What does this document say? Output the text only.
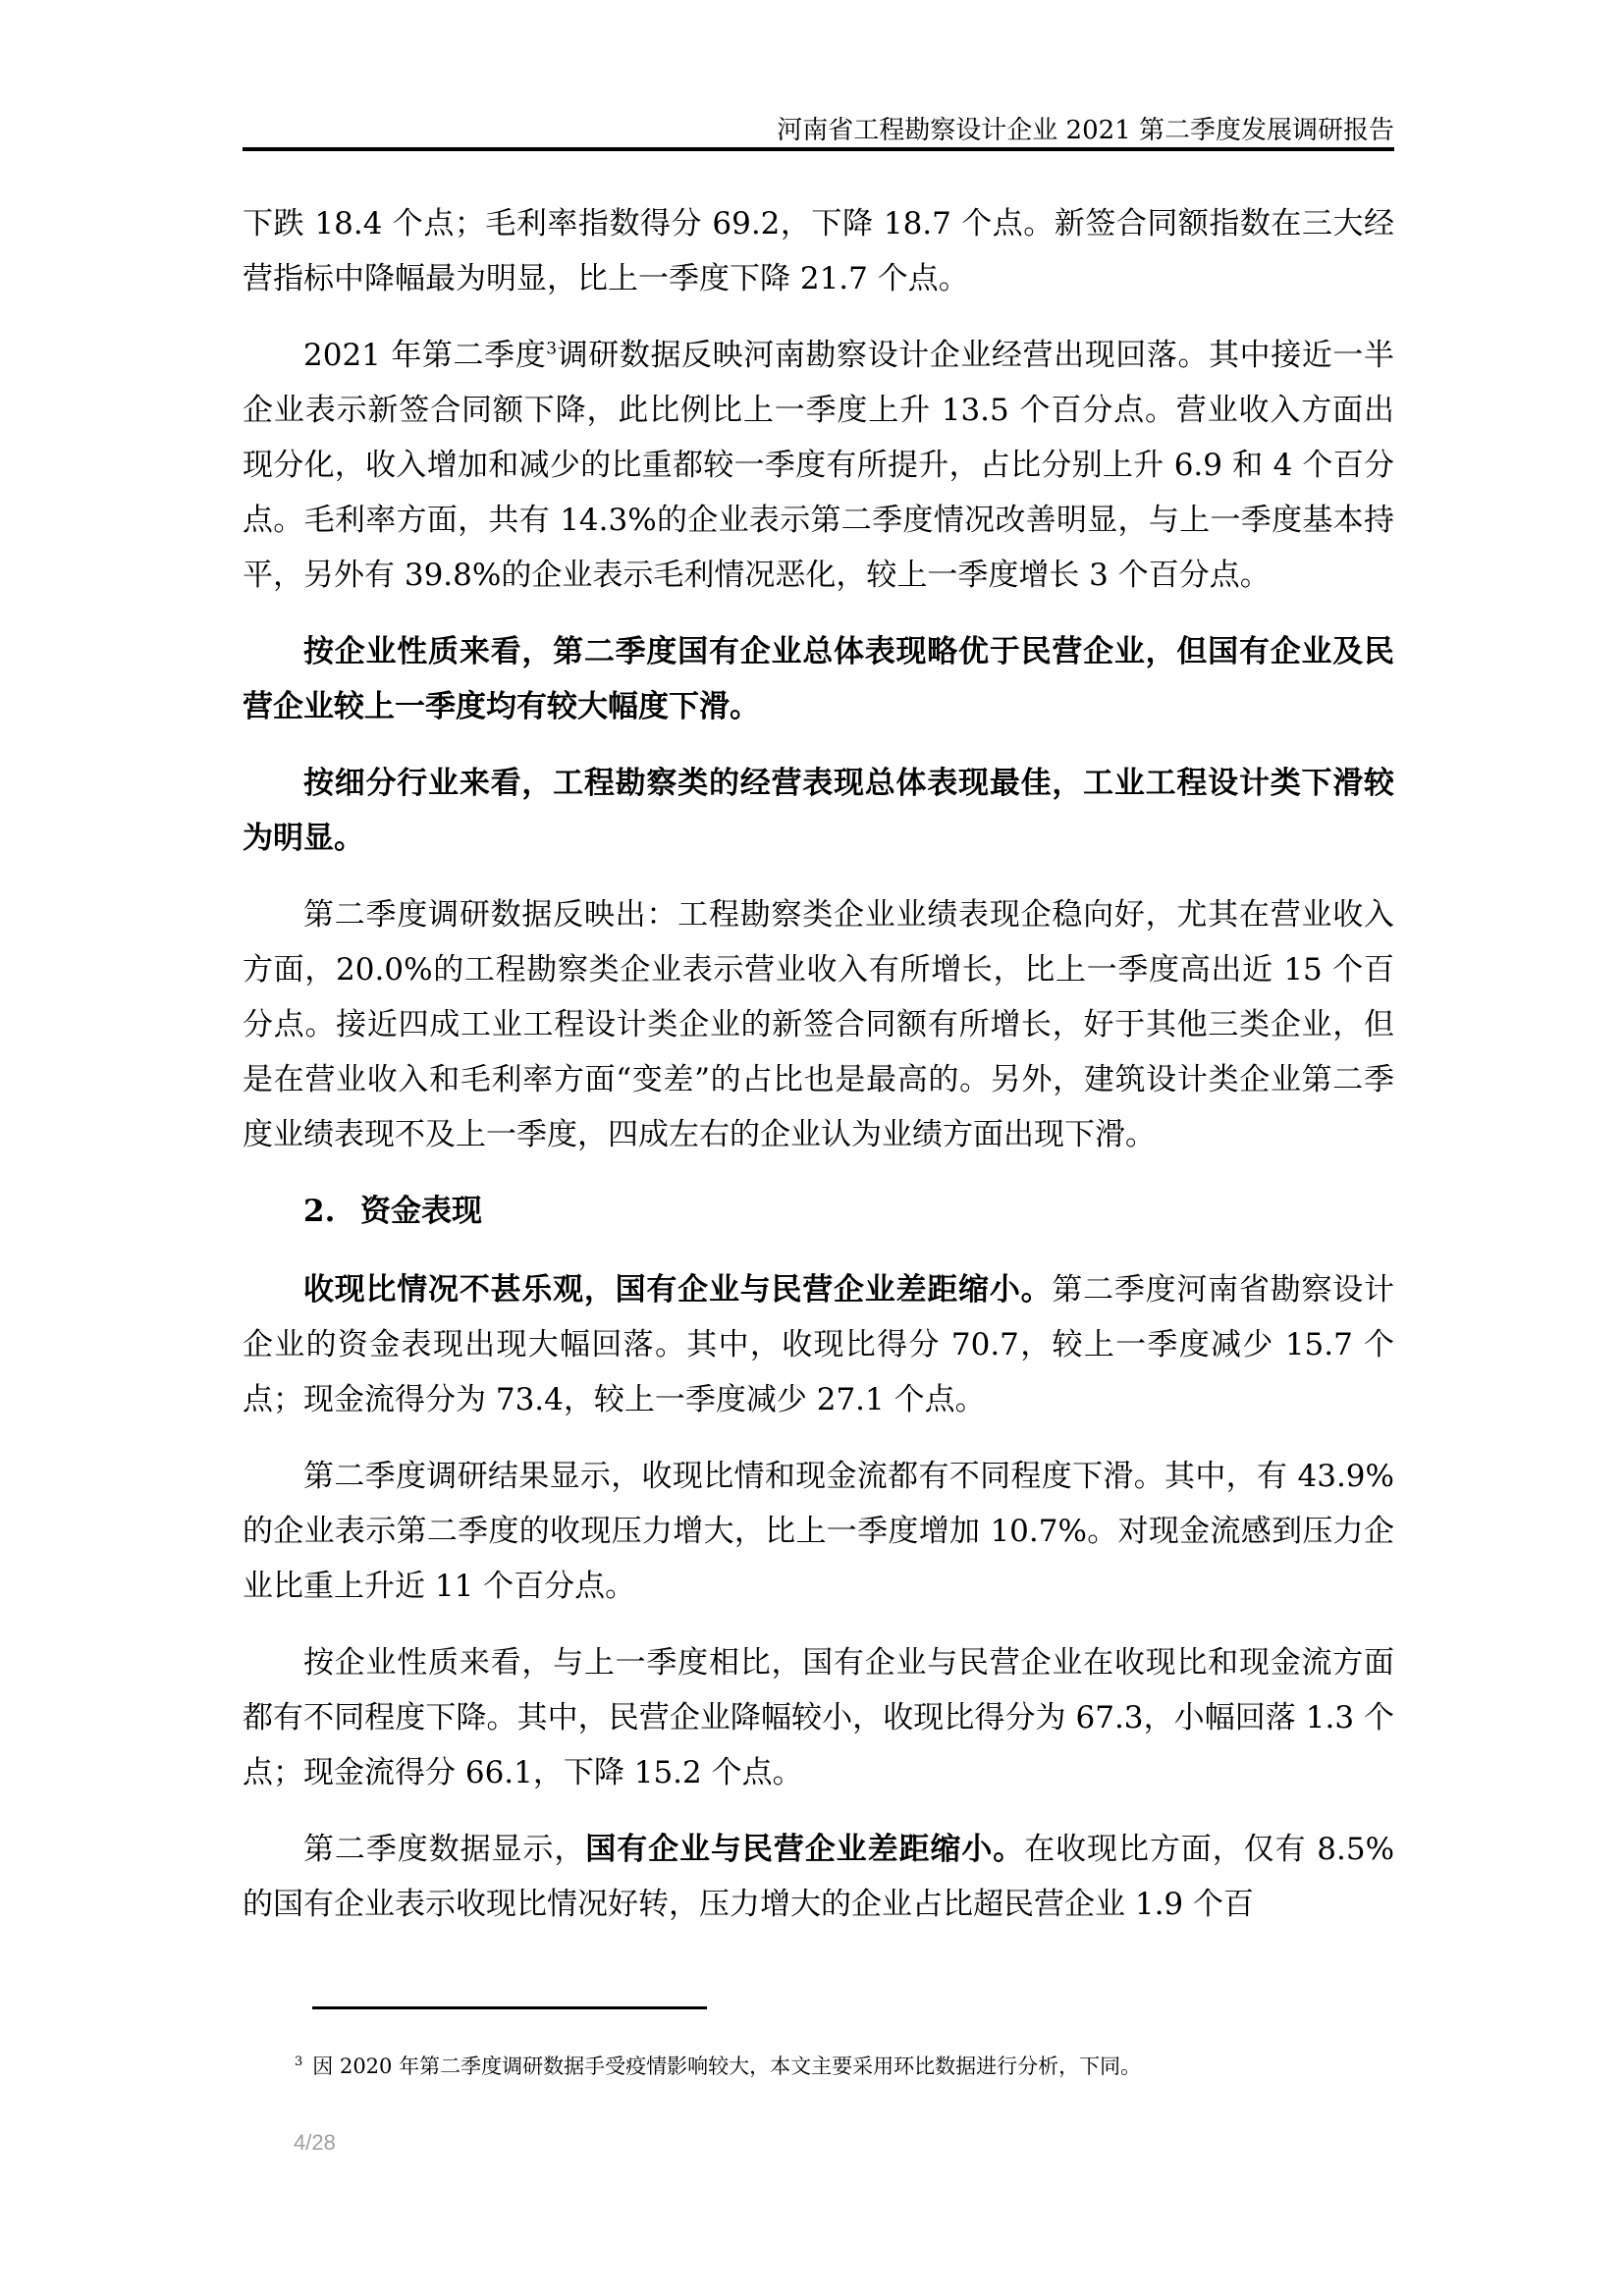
河南省工程勘察设计企业 2021 第二季度发展调研报告

下跌 18.4 个点；毛利率指数得分 69.2，下降 18.7 个点。新签合同额指数在三大经营指标中降幅最为明显，比上一季度下降 21.7 个点。

2021 年第二季度$^3$调研数据反映河南勘察设计企业经营出现回落。其中接近一半企业表示新签合同额下降，此比例比上一季度上升 13.5 个百分点。营业收入方面出现分化，收入增加和减少的比重都较一季度有所提升，占比分别上升 6.9 和 4 个百分点。毛利率方面，共有 14.3%的企业表示第二季度情况改善明显，与上一季度基本持平，另外有 39.8%的企业表示毛利情况恶化，较上一季度增长 3 个百分点。

按企业性质来看，第二季度国有企业总体表现略优于民营企业，但国有企业及民营企业较上一季度均有较大幅度下滑。

按细分行业来看，工程勘察类的经营表现总体表现最佳，工业工程设计类下滑较为明显。

第二季度调研数据反映出：工程勘察类企业业绩表现企稳向好，尤其在营业收入方面，20.0%的工程勘察类企业表示营业收入有所增长，比上一季度高出近 15 个百分点。接近四成工业工程设计类企业的新签合同额有所增长，好于其他三类企业，但是在营业收入和毛利率方面“变差”的占比也是最高的。另外，建筑设计类企业第二季度业绩表现不及上一季度，四成左右的企业认为业绩方面出现下滑。

2. 资金表现

收现比情况不甚乐观，国有企业与民营企业差距缩小。第二季度河南省勘察设计企业的资金表现出现大幅回落。其中，收现比得分 70.7，较上一季度减少 15.7 个点；现金流得分为 73.4，较上一季度减少 27.1 个点。

第二季度调研结果显示，收现比情和现金流都有不同程度下滑。其中，有 43.9%的企业表示第二季度的收现压力增大，比上一季度增加 10.7%。对现金流感到压力企业比重上升近 11 个百分点。

按企业性质来看，与上一季度相比，国有企业与民营企业在收现比和现金流方面都有不同程度下降。其中，民营企业降幅较小，收现比得分为 67.3，小幅回落 1.3 个点；现金流得分 66.1，下降 15.2 个点。

第二季度数据显示，国有企业与民营企业差距缩小。在收现比方面，仅有 8.5%的国有企业表示收现比情况好转，压力增大的企业占比超民营企业 1.9 个百

$^3$ 因 2020 年第二季度调研数据手受疫情影响较大，本文主要采用环比数据进行分析，下同。
4/28
